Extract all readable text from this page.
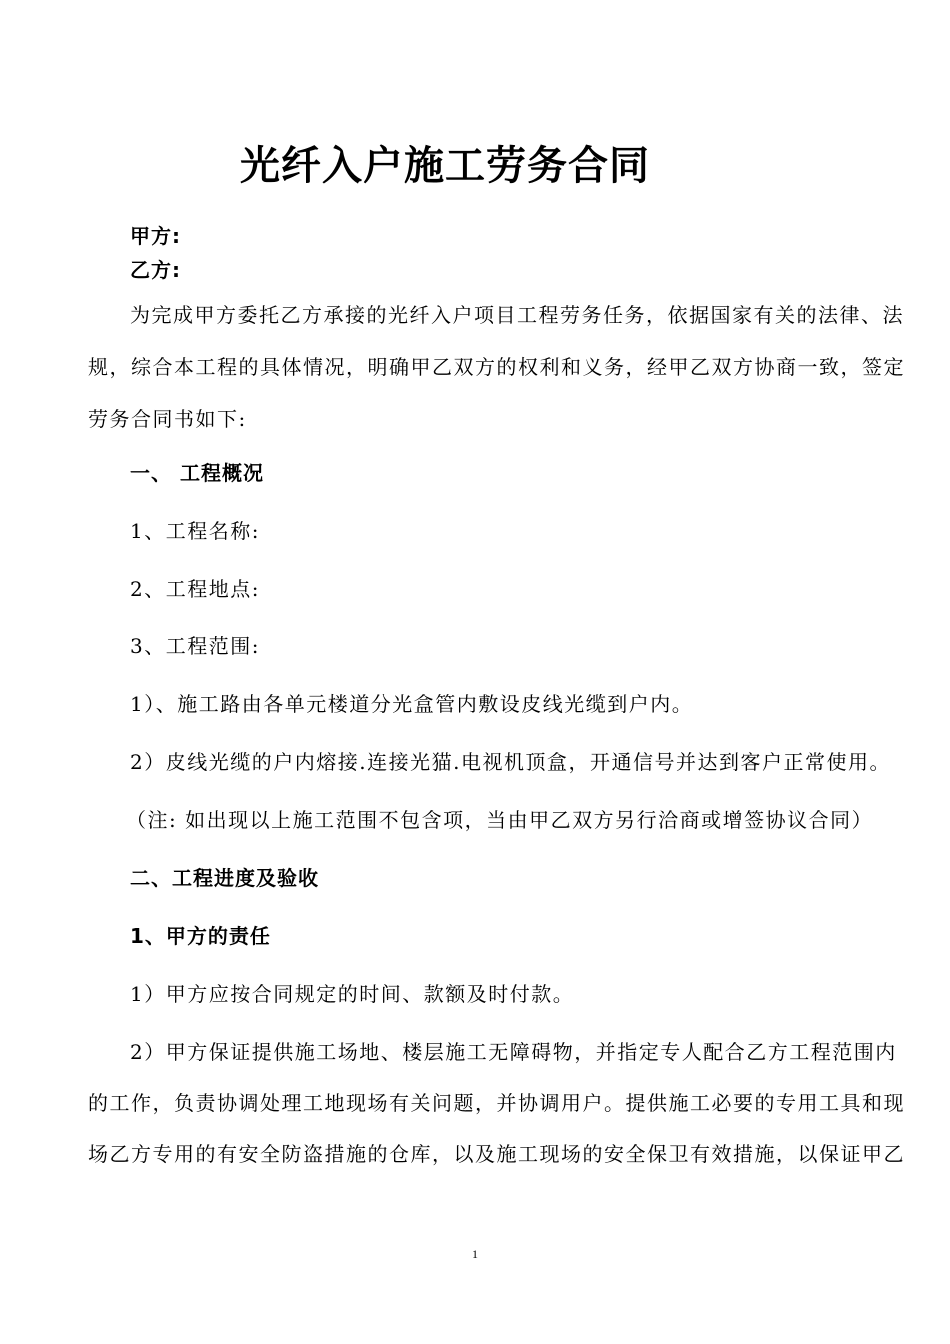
光纤入户施工劳务合同

甲方:

乙方:

为完成甲方委托乙方承接的光纤入户项目工程劳务任务，依据国家有关的法律、法

规，综合本工程的具体情况，明确甲乙双方的权利和义务，经甲乙双方协商一致，签定

劳务合同书如下:

一、 工程概况

1、工程名称:

2、工程地点:

3、工程范围:

1）、施工路由各单元楼道分光盒管内敷设皮线光缆到户内。

2）皮线光缆的户内熔接.连接光猫.电视机顶盒，开通信号并达到客户正常使用。

（注: 如出现以上施工范围不包含项，当由甲乙双方另行洽商或增签协议合同）

二、工程进度及验收

1、甲方的责任

1）甲方应按合同规定的时间、款额及时付款。

2）甲方保证提供施工场地、楼层施工无障碍物，并指定专人配合乙方工程范围内

的工作，负责协调处理工地现场有关问题，并协调用户。提供施工必要的专用工具和现

场乙方专用的有安全防盗措施的仓库，以及施工现场的安全保卫有效措施，以保证甲乙

1
